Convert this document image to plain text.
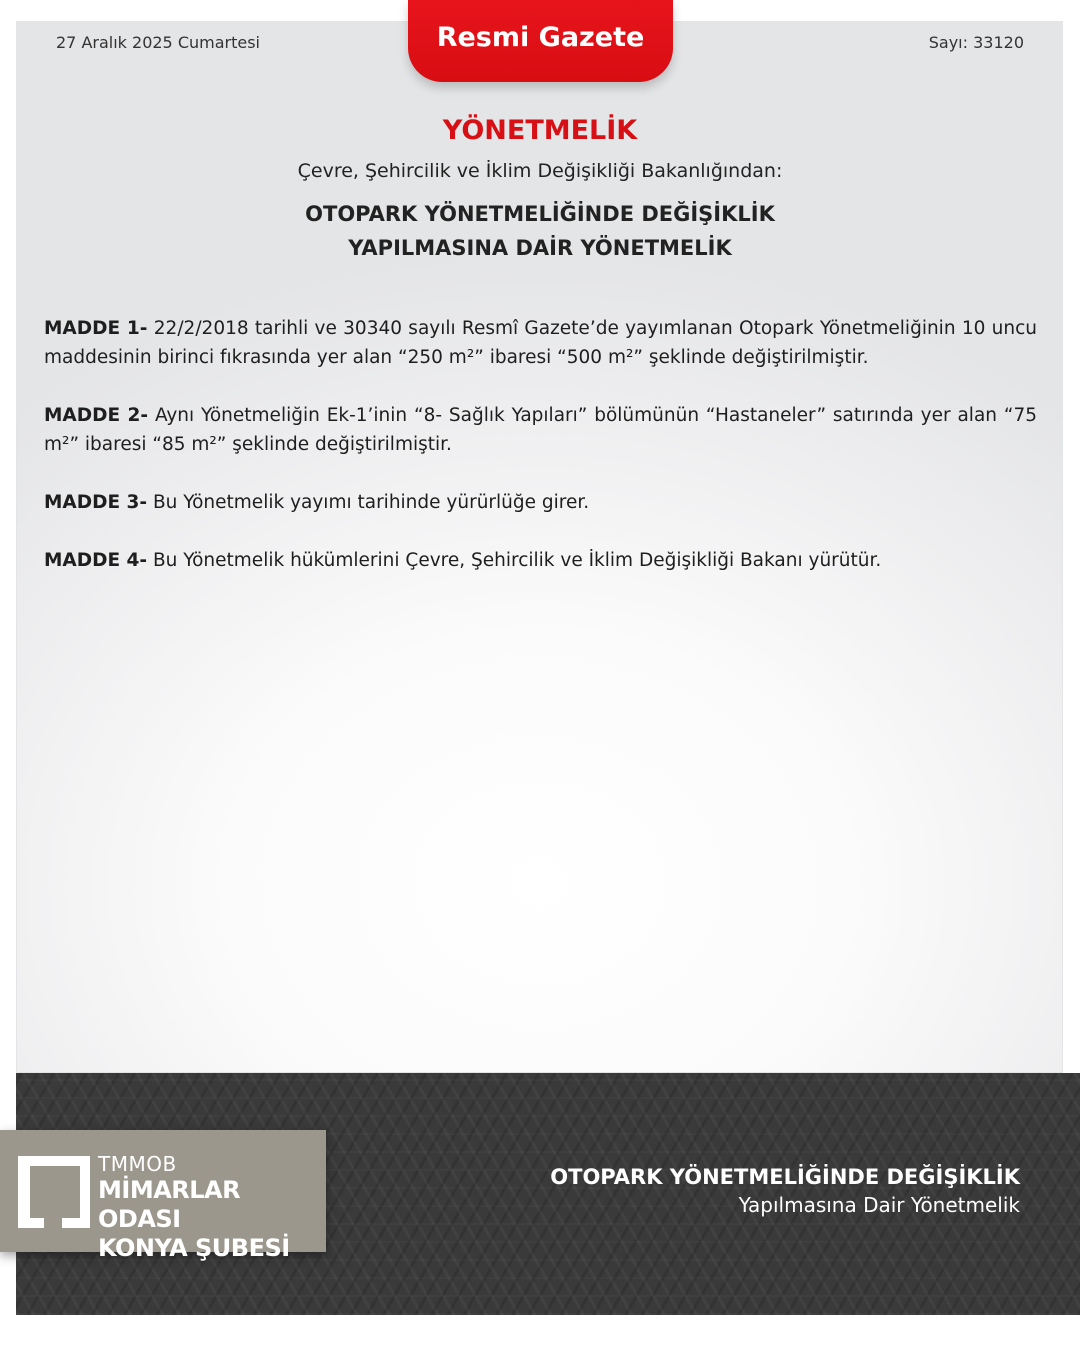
27 Aralık 2025 Cumartesi	Sayı: 33120
Resmi Gazete
YÖNETMELİK
Çevre, Şehircilik ve İklim Değişikliği Bakanlığından:
OTOPARK YÖNETMELİĞİNDE DEĞİŞİKLİK
YAPILMASINA DAİR YÖNETMELİK

MADDE 1- 22/2/2018 tarihli ve 30340 sayılı Resmî Gazete’de yayımlanan Otopark Yönetmeliğinin 10 uncu maddesinin birinci fıkrasında yer alan “250 m²” ibaresi “500 m²” şeklinde değiştirilmiştir.

MADDE 2- Aynı Yönetmeliğin Ek-1’inin “8- Sağlık Yapıları” bölümünün “Hastaneler” satırında yer alan “75 m²” ibaresi “85 m²” şeklinde değiştirilmiştir.

MADDE 3- Bu Yönetmelik yayımı tarihinde yürürlüğe girer.

MADDE 4- Bu Yönetmelik hükümlerini Çevre, Şehircilik ve İklim Değişikliği Bakanı yürütür.

TMMOB
MİMARLAR ODASI
KONYA ŞUBESİ
OTOPARK YÖNETMELİĞİNDE DEĞİŞİKLİK
Yapılmasına Dair Yönetmelik
